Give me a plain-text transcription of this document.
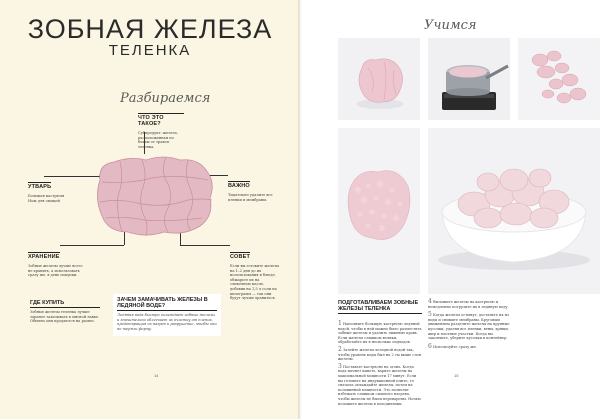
ЗОБНАЯ ЖЕЛЕЗА
ТЕЛЕНКА
Разбираемся
ЧТО ЭТО ТАКОЕ?
Субпродукт: железа, расположенная по бокам от трахеи теленка.
УТВАРЬ
Большая кастрюля
Нож для овощей
ВАЖНО
Тщательно удалите все пленки и мембраны.
ХРАНЕНИЕ
Зобные железы лучше всего не хранить, а использовать сразу же, в день покупки.
СОВЕТ
Если вы готовите железы на 1–2 дня до их использования в блюде, обжарьте их на сливочном масле, добавив на 1,5 л соли на килограмм — так они будут лучше храниться.
ГДЕ КУПИТЬ
Зобные железы теленка лучше заранее заказывать в мясной лавке. Обычно они продаются на развес.
ЗАЧЕМ ЗАМАЧИВАТЬ ЖЕЛЕЗЫ В ЛЕДЯНОЙ ВОДЕ?
Ледяная вода быстро охлаждает зобные железы и значительно облегчает их очистку от пленок, предотвращая их нагрев и разрушение, чтобы они не теряли форму.
14
Учимся
ПОДГОТАВЛИВАЕМ ЗОБНЫЕ ЖЕЛЕЗЫ ТЕЛЕНКА
1 Наполните большую кастрюлю ледяной водой, чтобы в ней можно было разместить зобные железы и удалить лишнюю кровь. Если железы слишком велики, обработайте их в несколько подходов.
2 Залейте железы холодной водой так, чтобы уровень воды был на 2 см выше слоя железы.
3 Поставьте кастрюлю на огонь. Когда вода начнет кипеть, варите железы на максимальной мощности 17 минут. Если вы готовите на индукционной плите, то сначала охлаждайте железы, потом на половинной мощности. Это позволит избежать слишком сильного нагрева, чтобы железы не были переварены. Ночью положите железы в холодильник.
4 Выложите железы на кастрюлю и немедленно погрузите их в ледяную воду.
5 Когда железы остынут, достаньте их из воды и снимите мембраны. Круговым движением разделите железы на крупные кусочки, удаляя все пленки, вены, хрящи, жир и плотные участки. Когда вы закончите, уберите кусочки в контейнер.
6 Используйте сразу же.
15
